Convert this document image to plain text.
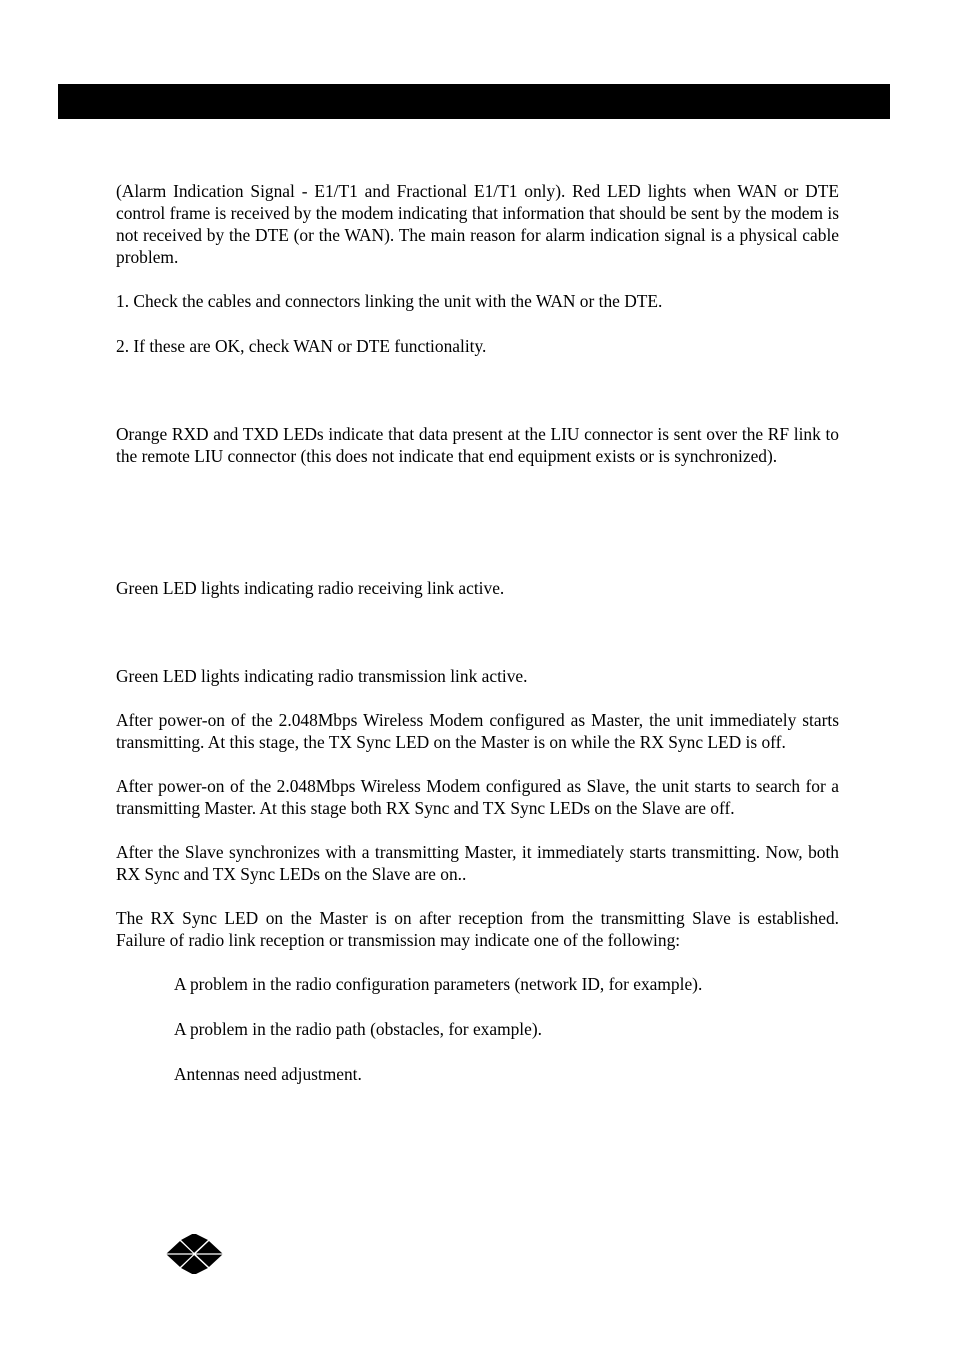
(Alarm Indication Signal - E1/T1 and Fractional E1/T1 only). Red LED lights when WAN or DTE control frame is received by the modem indicating that information that should be sent by the modem is not received by the DTE (or the WAN). The main reason for alarm indication signal is a physical cable problem.

1. Check the cables and connectors linking the unit with the WAN or the DTE.

2. If these are OK, check WAN or DTE functionality.

Orange RXD and TXD LEDs indicate that data present at the LIU connector is sent over the RF link to the remote LIU connector (this does not indicate that end equipment exists or is synchronized).

Green LED lights indicating radio receiving link active.

Green LED lights indicating radio transmission link active.

After power-on of the 2.048Mbps Wireless Modem configured as Master, the unit immediately starts transmitting. At this stage, the TX Sync LED on the Master is on while the RX Sync LED is off.

After power-on of the 2.048Mbps Wireless Modem configured as Slave, the unit starts to search for a transmitting Master. At this stage both RX Sync and TX Sync LEDs on the Slave are off.

After the Slave synchronizes with a transmitting Master, it immediately starts transmitting. Now, both RX Sync and TX Sync LEDs on the Slave are on..

The RX Sync LED on the Master is on after reception from the transmitting Slave is established. Failure of radio link reception or transmission may indicate one of the following:

A problem in the radio configuration parameters (network ID, for example).

A problem in the radio path (obstacles, for example).

Antennas need adjustment.
